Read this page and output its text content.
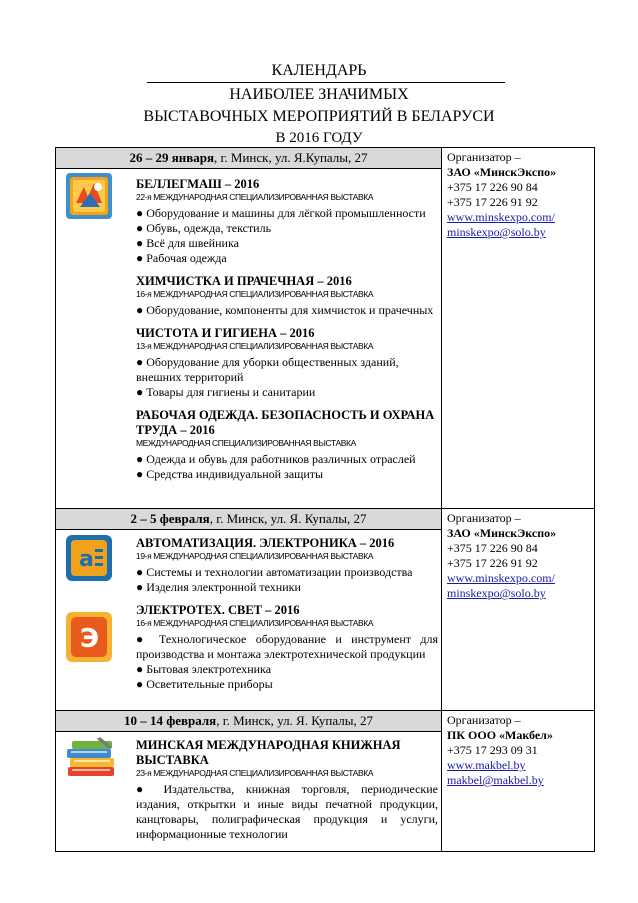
КАЛЕНДАРЬ
НАИБОЛЕЕ ЗНАЧИМЫХ
ВЫСТАВОЧНЫХ МЕРОПРИЯТИЙ В БЕЛАРУСИ
В 2016 ГОДУ
26 – 29 января, г. Минск, ул. Я.Купалы, 27
БЕЛЛЕГМАШ – 2016
22-я МЕЖДУНАРОДНАЯ СПЕЦИАЛИЗИРОВАННАЯ ВЫСТАВКА
● Оборудование и машины для лёгкой промышленности
● Обувь, одежда, текстиль
● Всё для швейника
● Рабочая одежда
ХИМЧИСТКА И ПРАЧЕЧНАЯ – 2016
16-я МЕЖДУНАРОДНАЯ СПЕЦИАЛИЗИРОВАННАЯ ВЫСТАВКА
● Оборудование, компоненты для химчисток и прачечных
ЧИСТОТА И ГИГИЕНА – 2016
13-я МЕЖДУНАРОДНАЯ СПЕЦИАЛИЗИРОВАННАЯ ВЫСТАВКА
● Оборудование для уборки общественных зданий, внешних территорий
● Товары для гигиены и санитарии
РАБОЧАЯ ОДЕЖДА. БЕЗОПАСНОСТЬ И ОХРАНА ТРУДА – 2016
МЕЖДУНАРОДНАЯ СПЕЦИАЛИЗИРОВАННАЯ ВЫСТАВКА
● Одежда и обувь для работников различных отраслей
● Средства индивидуальной защиты
Организатор –
ЗАО «МинскЭкспо»
+375 17 226 90 84
+375 17 226 91 92
www.minskexpo.com/
minskexpo@solo.by
2 – 5 февраля, г. Минск, ул. Я. Купалы, 27
a
Э
АВТОМАТИЗАЦИЯ. ЭЛЕКТРОНИКА – 2016
19-я МЕЖДУНАРОДНАЯ СПЕЦИАЛИЗИРОВАННАЯ ВЫСТАВКА
● Системы и технологии автоматизации производства
● Изделия электронной техники
ЭЛЕКТРОТЕХ. СВЕТ – 2016
16-я МЕЖДУНАРОДНАЯ СПЕЦИАЛИЗИРОВАННАЯ ВЫСТАВКА
● Технологическое оборудование и инструмент для производства и монтажа электротехнической продукции
● Бытовая электротехника
● Осветительные приборы
Организатор –
ЗАО «МинскЭкспо»
+375 17 226 90 84
+375 17 226 91 92
www.minskexpo.com/
minskexpo@solo.by
10 – 14 февраля, г. Минск, ул. Я. Купалы, 27
МИНСКАЯ МЕЖДУНАРОДНАЯ КНИЖНАЯ ВЫСТАВКА
23-я МЕЖДУНАРОДНАЯ СПЕЦИАЛИЗИРОВАННАЯ ВЫСТАВКА
● Издательства, книжная торговля, периодические издания, открытки и иные виды печатной продукции, канцтовары, полиграфическая продукция и услуги, информационные технологии
Организатор –
ПК ООО «Макбел»
+375 17 293 09 31
www.makbel.by
makbel@makbel.by
